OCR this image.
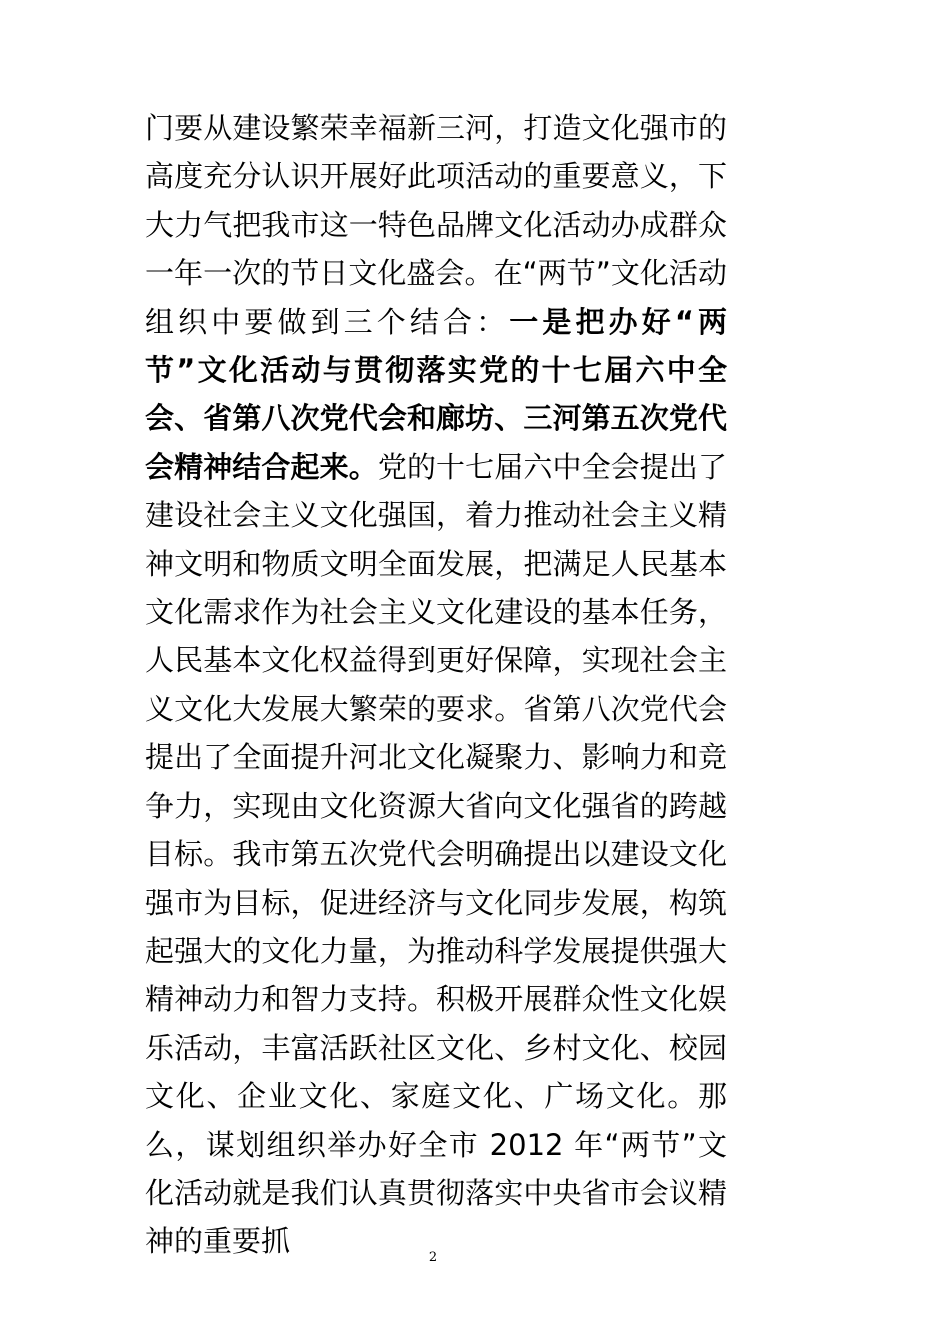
门要从建设繁荣幸福新三河，打造文化强市的高度充分认识开展好此项活动的重要意义，下大力气把我市这一特色品牌文化活动办成群众一年一次的节日文化盛会。在“两节”文化活动组织中要做到三个结合：一是把办好“两节”文化活动与贯彻落实党的十七届六中全会、省第八次党代会和廊坊、三河第五次党代会精神结合起来。党的十七届六中全会提出了建设社会主义文化强国，着力推动社会主义精神文明和物质文明全面发展，把满足人民基本文化需求作为社会主义文化建设的基本任务，人民基本文化权益得到更好保障，实现社会主义文化大发展大繁荣的要求。省第八次党代会提出了全面提升河北文化凝聚力、影响力和竞争力，实现由文化资源大省向文化强省的跨越目标。我市第五次党代会明确提出以建设文化强市为目标，促进经济与文化同步发展，构筑起强大的文化力量，为推动科学发展提供强大精神动力和智力支持。积极开展群众性文化娱乐活动，丰富活跃社区文化、乡村文化、校园文化、企业文化、家庭文化、广场文化。那么，谋划组织举办好全市 2012 年“两节”文化活动就是我们认真贯彻落实中央省市会议精神的重要抓	2
